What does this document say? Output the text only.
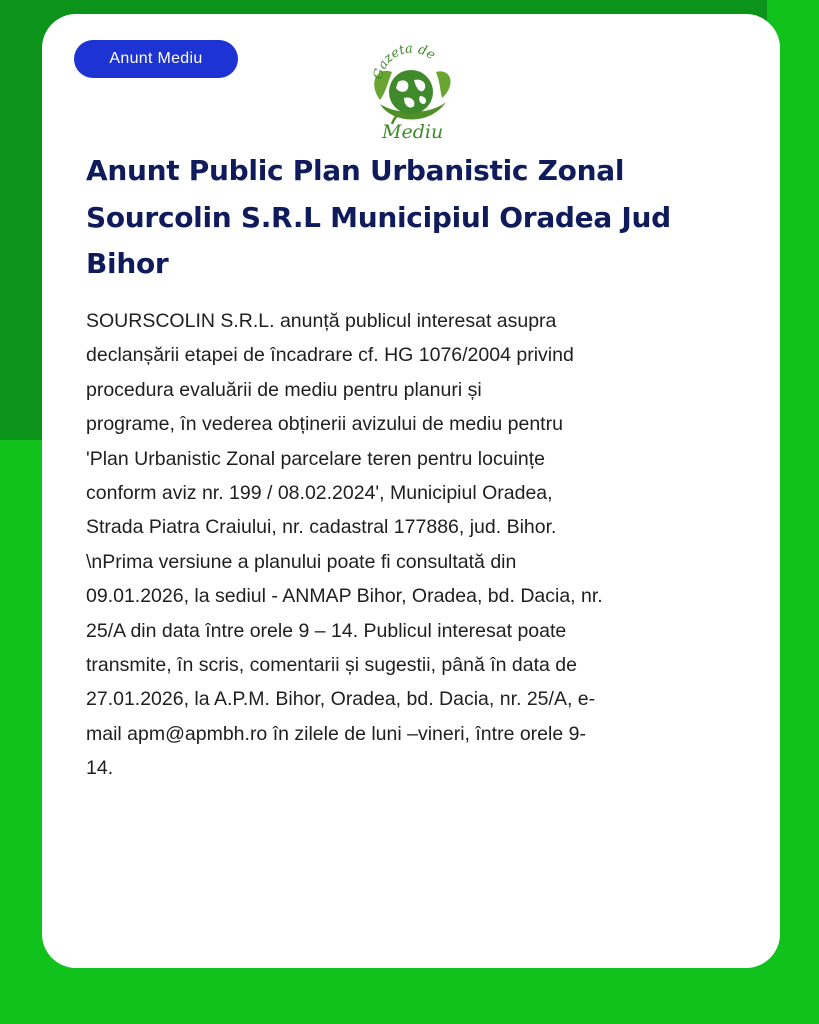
Anunt Mediu
Gazeta de
Mediu
Anunt Public Plan Urbanistic Zonal Sourcolin S.R.L Municipiul Oradea Jud Bihor

SOURSCOLIN S.R.L. anunță publicul interesat asupra
declanșării etapei de încadrare cf. HG 1076/2004 privind
procedura evaluării de mediu pentru planuri și
programe, în vederea obținerii avizului de mediu pentru
'Plan Urbanistic Zonal parcelare teren pentru locuințe
conform aviz nr. 199 / 08.02.2024', Municipiul Oradea,
Strada Piatra Craiului, nr. cadastral 177886, jud. Bihor.
\nPrima versiune a planului poate fi consultată din
09.01.2026, la sediul - ANMAP Bihor, Oradea, bd. Dacia, nr.
25/A din data între orele 9 – 14. Publicul interesat poate
transmite, în scris, comentarii și sugestii, până în data de
27.01.2026, la A.P.M. Bihor, Oradea, bd. Dacia, nr. 25/A, e-
mail apm@apmbh.ro în zilele de luni –vineri, între orele 9-
14.
